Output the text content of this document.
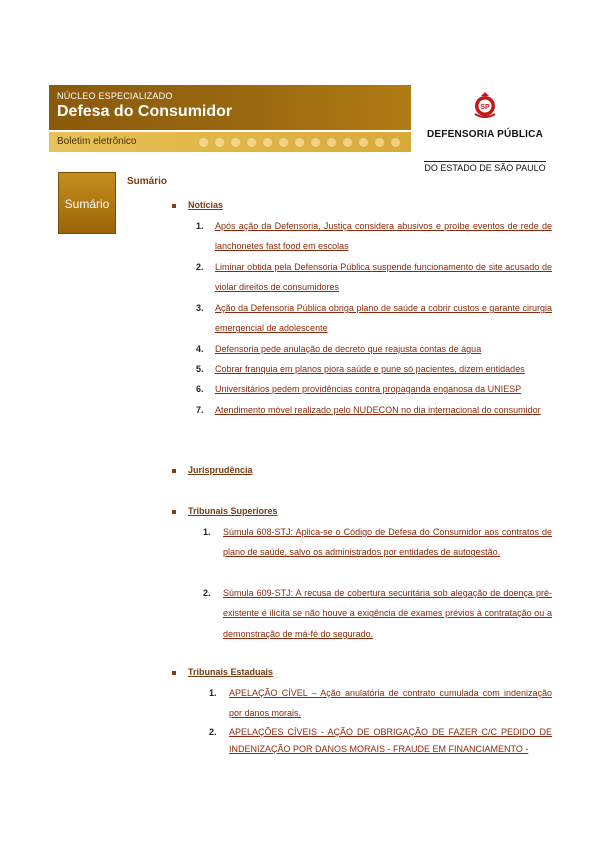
NÚCLEO ESPECIALIZADO
Defesa do Consumidor
Boletim eletrônico
SP
DEFENSORIA PÚBLICA

DO ESTADO DE SÃO PAULO
Sumário
Sumário
Notícias
1. Após ação da Defensoria, Justiça considera abusivos e proíbe eventos de rede de lanchonetes fast food em escolas
2. Liminar obtida pela Defensoria Pública suspende funcionamento de site acusado de violar direitos de consumidores
3. Ação da Defensoria Pública obriga plano de saúde a cobrir custos e garante cirurgia emergencial de adolescente
4. Defensoria pede anulação de decreto que reajusta contas de água
5. Cobrar franquia em planos piora saúde e pune só pacientes, dizem entidades
6. Universitários pedem providências contra propaganda enganosa da UNIESP
7. Atendimento móvel realizado pelo NUDECON no dia internacional do consumidor
Jurisprudência
Tribunais Superiores
1. Súmula 608-STJ: Aplica-se o Código de Defesa do Consumidor aos contratos de plano de saúde, salvo os administrados por entidades de autogestão.
2. Súmula 609-STJ: A recusa de cobertura securitária sob alegação de doença pré-existente é ilícita se não houve a exigência de exames prévios à contratação ou a demonstração de má-fé do segurado.
Tribunais Estaduais
1. APELAÇÃO CÍVEL – Ação anulatória de contrato cumulada com indenização por danos morais.
2. APELAÇÕES CÍVEIS - AÇÃO DE OBRIGAÇÃO DE FAZER C/C PEDIDO DE INDENIZAÇÃO POR DANOS MORAIS - FRAUDE EM FINANCIAMENTO -
